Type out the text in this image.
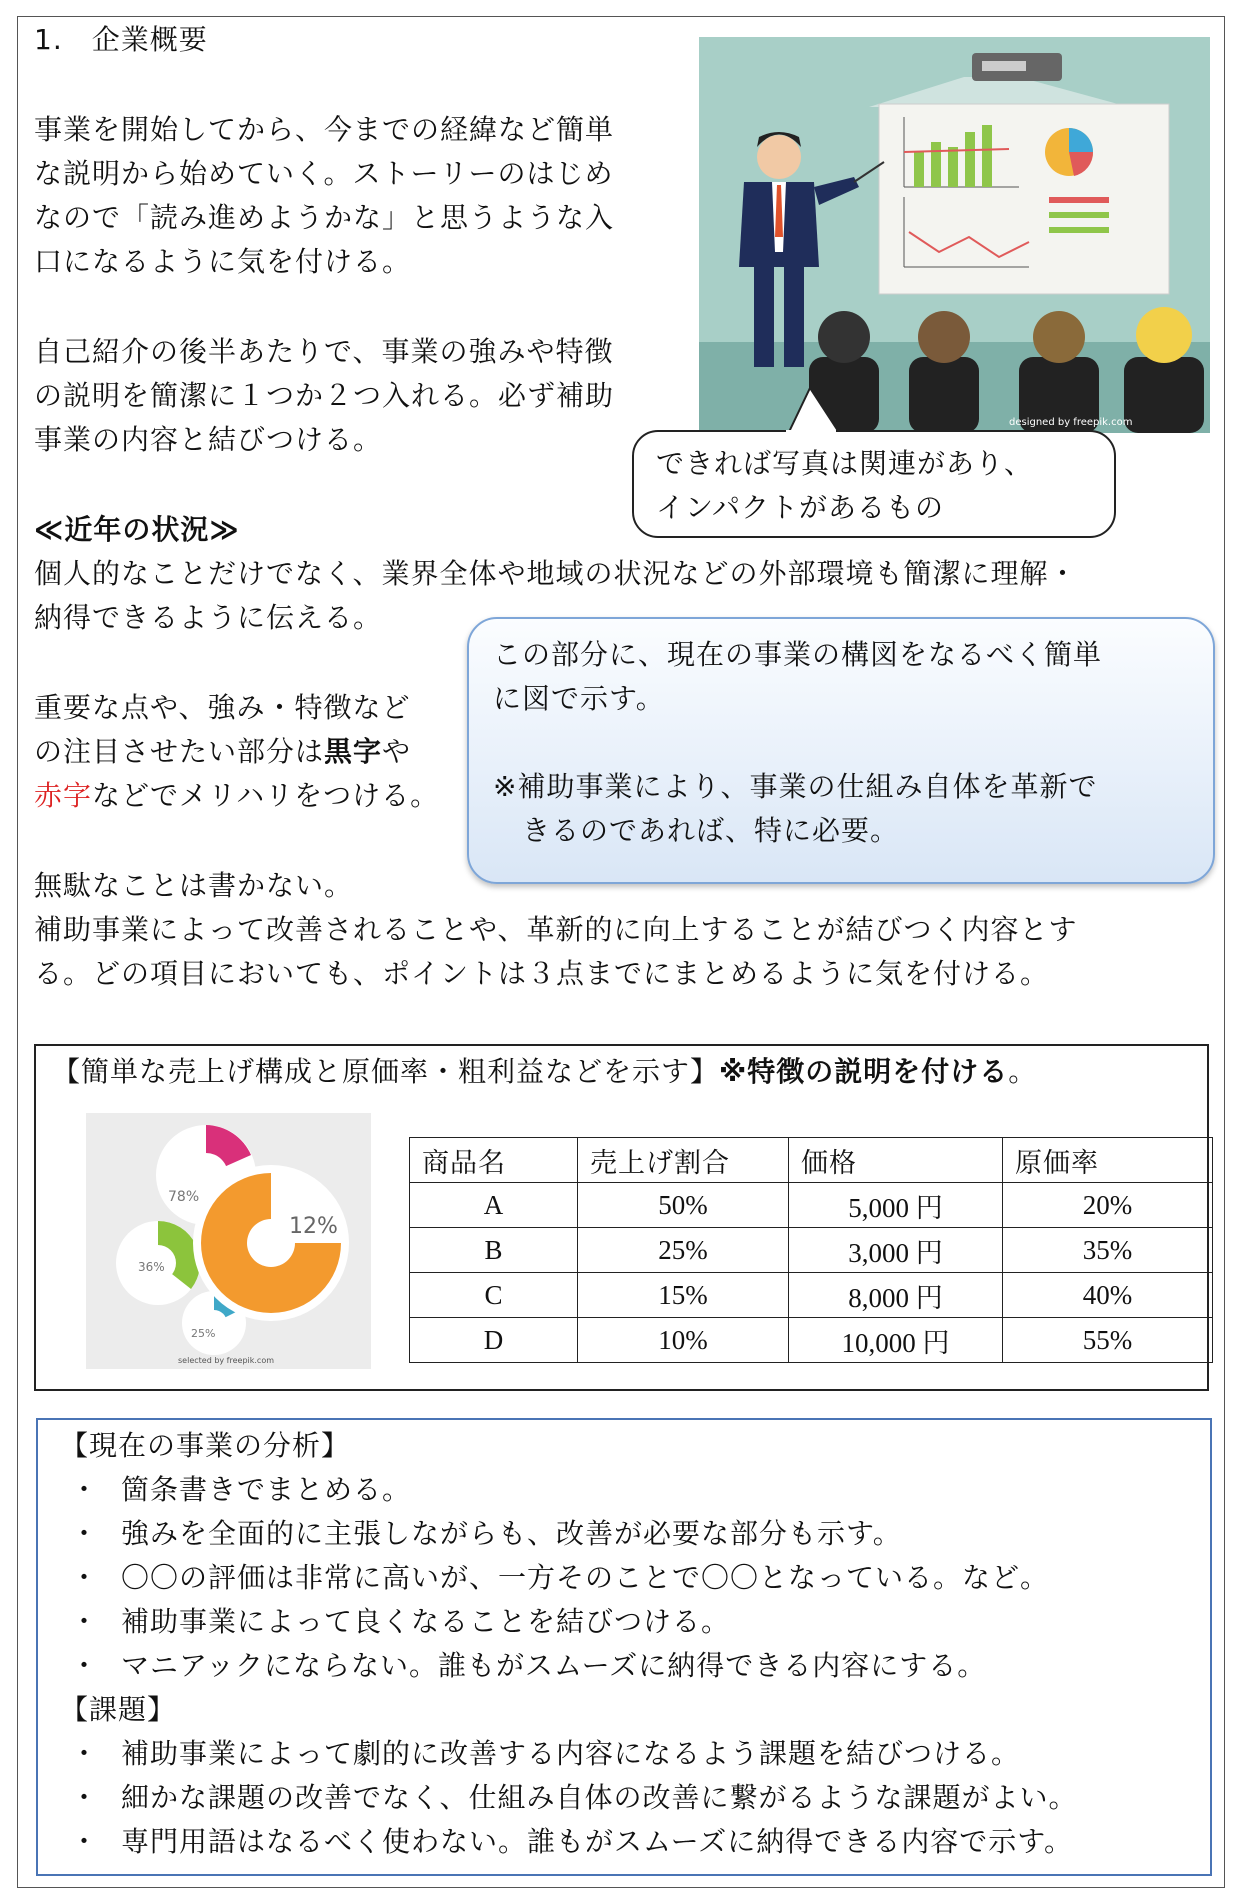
1.　企業概要
事業を開始してから、今までの経緯など簡単
な説明から始めていく。ストーリーのはじめ
なので「読み進めようかな」と思うような入
口になるように気を付ける。
自己紹介の後半あたりで、事業の強みや特徴
の説明を簡潔に１つか２つ入れる。必ず補助
事業の内容と結びつける。
designed by freepik.com
できれば写真は関連があり、
インパクトがあるもの
≪近年の状況≫
個人的なことだけでなく、業界全体や地域の状況などの外部環境も簡潔に理解・
納得できるように伝える。
重要な点や、強み・特徴など
の注目させたい部分は黒字や
赤字などでメリハリをつける。
この部分に、現在の事業の構図をなるべく簡単
に図で示す。
※補助事業により、事業の仕組み自体を革新で
　きるのであれば、特に必要。
無駄なことは書かない。
補助事業によって改善されることや、革新的に向上することが結びつく内容とす
る。どの項目においても、ポイントは３点までにまとめるように気を付ける。
【簡単な売上げ構成と原価率・粗利益などを示す】※特徴の説明を付ける。
12%
78%
36%
25%
selected by freepik.com
商品名	売上げ割合	価格	原価率
A	50%	5,000 円	20%
B	25%	3,000 円	35%
C	15%	8,000 円	40%
D	10%	10,000 円	55%
【現在の事業の分析】
・ 箇条書きでまとめる。
・ 強みを全面的に主張しながらも、改善が必要な部分も示す。
・ 〇〇の評価は非常に高いが、一方そのことで〇〇となっている。など。
・ 補助事業によって良くなることを結びつける。
・ マニアックにならない。誰もがスムーズに納得できる内容にする。
【課題】
・ 補助事業によって劇的に改善する内容になるよう課題を結びつける。
・ 細かな課題の改善でなく、仕組み自体の改善に繋がるような課題がよい。
・ 専門用語はなるべく使わない。誰もがスムーズに納得できる内容で示す。
